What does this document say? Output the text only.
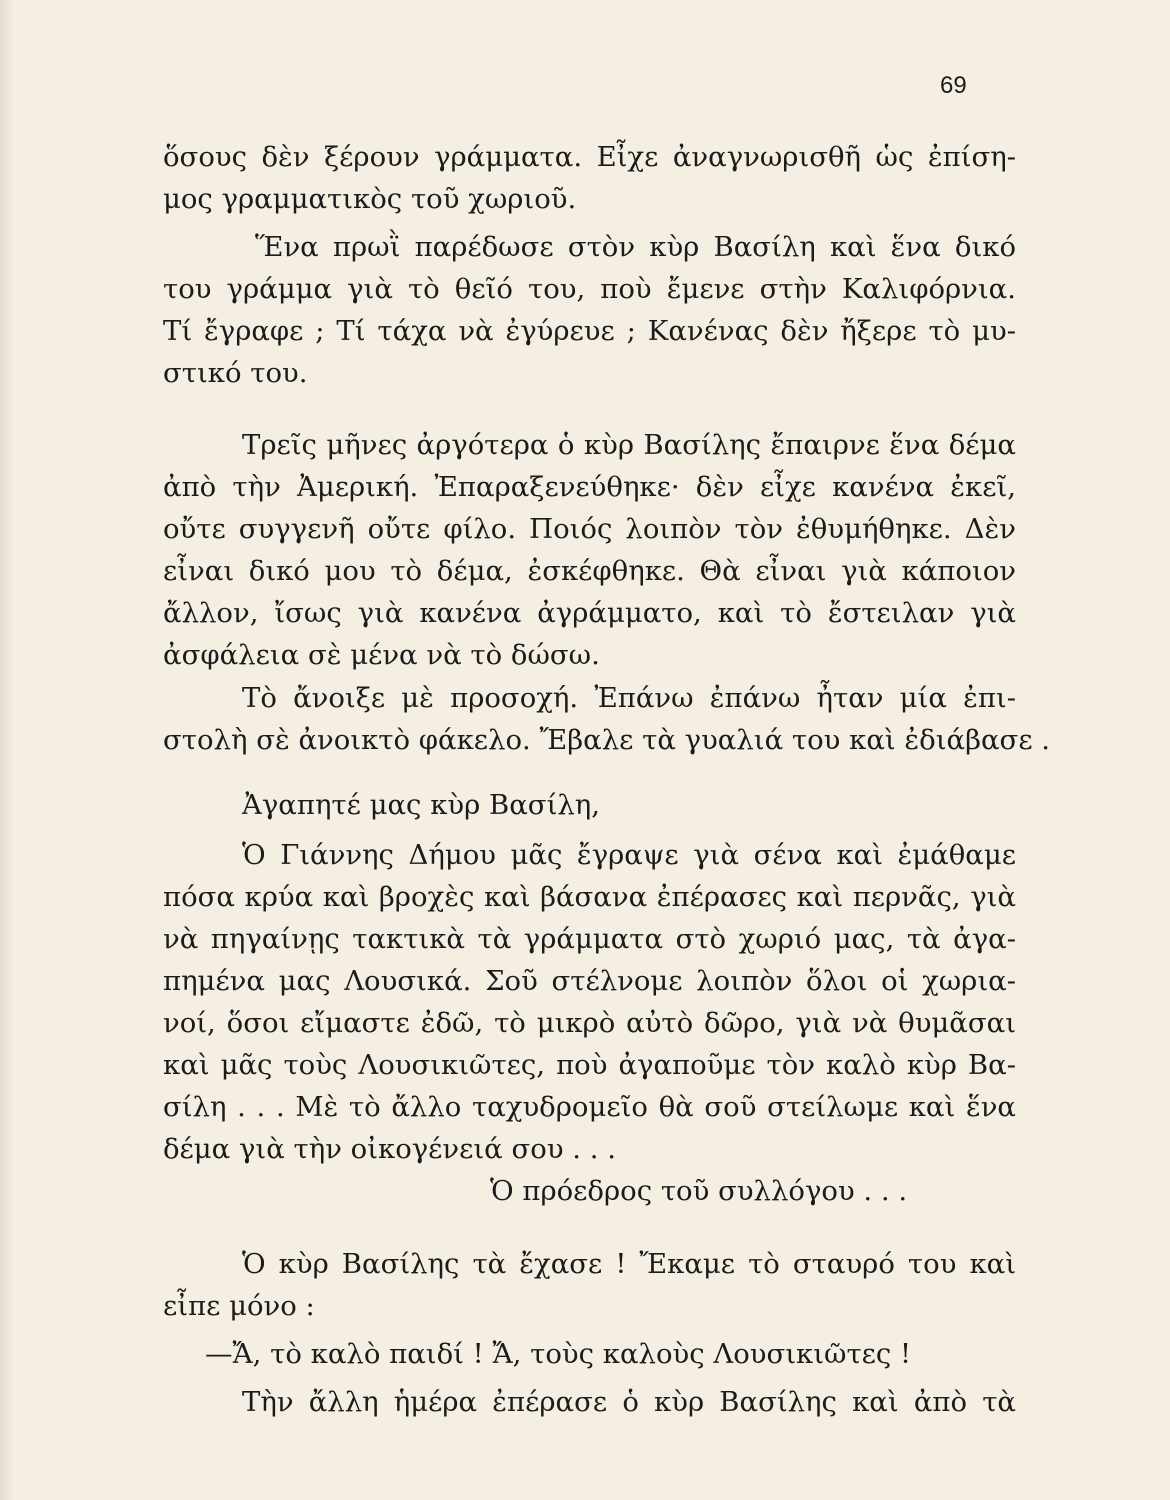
69
ὅσους δὲν ξέρουν γράμματα. Εἶχε ἀναγνωρισθῆ ὡς ἐπίση-
μος γραμματικὸς τοῦ χωριοῦ.
Ἕνα πρωῒ παρέδωσε στὸν κὺρ Βασίλη καὶ ἕνα δικό
του γράμμα γιὰ τὸ θεῖό του, ποὺ ἔμενε στὴν Καλιφόρνια.
Τί ἔγραφε ; Τί τάχα νὰ ἐγύρευε ; Κανένας δὲν ἤξερε τὸ μυ-
στικό του.
Τρεῖς μῆνες ἀργότερα ὁ κὺρ Βασίλης ἔπαιρνε ἕνα δέμα
ἀπὸ τὴν Ἀμερική. Ἐπαραξενεύθηκε· δὲν εἶχε κανένα ἐκεῖ,
οὔτε συγγενῆ οὔτε φίλο. Ποιός λοιπὸν τὸν ἐθυμήθηκε. Δὲν
εἶναι δικό μου τὸ δέμα, ἐσκέφθηκε. Θὰ εἶναι γιὰ κάποιον
ἄλλον, ἴσως γιὰ κανένα ἀγράμματο, καὶ τὸ ἔστειλαν γιὰ
ἀσφάλεια σὲ μένα νὰ τὸ δώσω.
Τὸ ἄνοιξε μὲ προσοχή. Ἐπάνω ἐπάνω ἦταν μία ἐπι-
στολὴ σὲ ἀνοικτὸ φάκελο. Ἔβαλε τὰ γυαλιά του καὶ ἐδιάβασε .
Ἀγαπητέ μας κὺρ Βασίλη,
Ὁ Γιάννης Δήμου μᾶς ἔγραψε γιὰ σένα καὶ ἐμάθαμε
πόσα κρύα καὶ βροχὲς καὶ βάσανα ἐπέρασες καὶ περνᾶς, γιὰ
νὰ πηγαίνῃς τακτικὰ τὰ γράμματα στὸ χωριό μας, τὰ ἀγα-
πημένα μας Λουσικά. Σοῦ στέλνομε λοιπὸν ὅλοι οἱ χωρια-
νοί, ὅσοι εἴμαστε ἐδῶ, τὸ μικρὸ αὐτὸ δῶρο, γιὰ νὰ θυμᾶσαι
καὶ μᾶς τοὺς Λουσικιῶτες, ποὺ ἀγαποῦμε τὸν καλὸ κὺρ Βα-
σίλη . . . Μὲ τὸ ἄλλο ταχυδρομεῖο θὰ σοῦ στείλωμε καὶ ἕνα
δέμα γιὰ τὴν οἰκογένειά σου . . .
Ὁ πρόεδρος τοῦ συλλόγου . . .
Ὁ κὺρ Βασίλης τὰ ἔχασε ! Ἔκαμε τὸ σταυρό του καὶ
εἶπε μόνο :
—Ἄ, τὸ καλὸ παιδί ! Ἄ, τοὺς καλοὺς Λουσικιῶτες !
Τὴν ἄλλη ἡμέρα ἐπέρασε ὁ κὺρ Βασίλης καὶ ἀπὸ τὰ
